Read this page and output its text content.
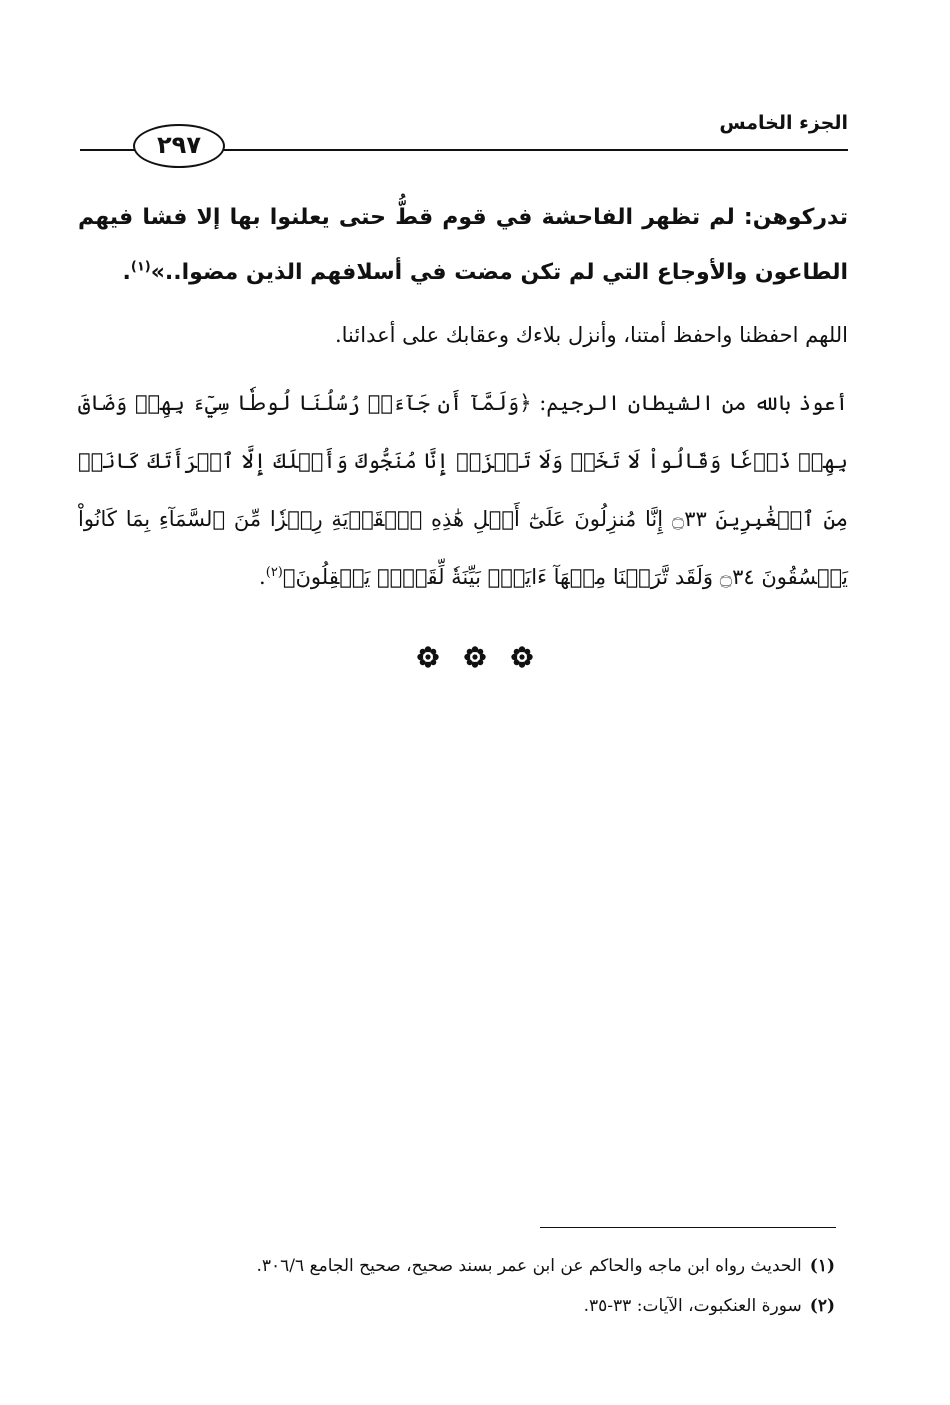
الجزء الخامس
٢٩٧

تدركوهن: لم تظهر الفاحشة في قوم قطُّ حتى يعلنوا بها إلا فشا فيهم الطاعون والأوجاع التي لم تكن مضت في أسلافهم الذين مضوا..»$^{(١)}$.

اللهم احفظنا واحفظ أمتنا، وأنزل بلاءك وعقابك على أعدائنا.

أعوذ بالله من الشيطان الرجيم: ﴿وَلَمَّآ أَن جَآءَتۡ رُسُلُنَا لُوطٗا سِيٓءَ بِهِمۡ وَضَاقَ بِهِمۡ ذَرۡعٗا وَقَالُواْ لَا تَخَفۡ وَلَا تَحۡزَنۡ إِنَّا مُنَجُّوكَ وَأَهۡلَكَ إِلَّا ٱمۡرَأَتَكَ كَانَتۡ مِنَ ٱلۡغَٰبِرِينَ ۝٣٣ إِنَّا مُنزِلُونَ عَلَىٰٓ أَهۡلِ هَٰذِهِ ٱلۡقَرۡيَةِ رِجۡزٗا مِّنَ ٱلسَّمَآءِ بِمَا كَانُواْ يَفۡسُقُونَ ۝٣٤ وَلَقَد تَّرَكۡنَا مِنۡهَآ ءَايَةَۢ بَيِّنَةٗ لِّقَوۡمٖ يَعۡقِلُونَ﴾$^{(٢)}$.

(١)الحديث رواه ابن ماجه والحاكم عن ابن عمر بسند صحيح، صحيح الجامع ٣٠٦/٦.

(٢)سورة العنكبوت، الآيات: ٣٣-٣٥.
